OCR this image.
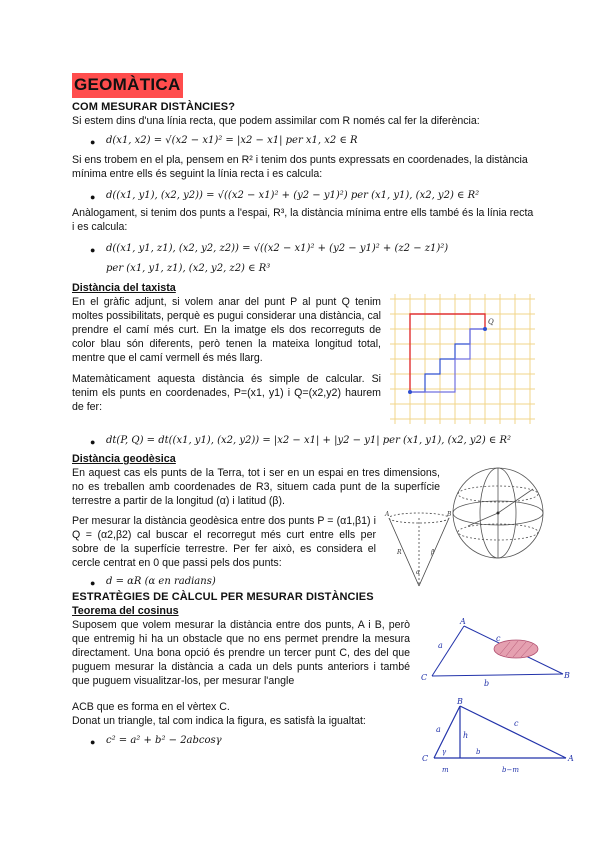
GEOMÀTICA
COM MESURAR DISTÀNCIES?

Si estem dins d'una línia recta, que podem assimilar com R només cal fer la diferència:

● d(x1, x2) = √(x2 − x1)² = |x2 − x1| per x1, x2 ∈ R

Si ens trobem en el pla, pensem en R² i tenim dos punts expressats en coordenades, la distància mínima entre ells és seguint la línia recta i es calcula:

● d((x1, y1), (x2, y2)) = √((x2 − x1)² + (y2 − y1)²) per (x1, y1), (x2, y2) ∈ R²

Anàlogament, si tenim dos punts a l'espai, R³, la distància mínima entre ells també és la línia recta i es calcula:

● d((x1, y1, z1), (x2, y2, z2)) = √((x2 − x1)² + (y2 − y1)² + (z2 − z1)²)
per (x1, y1, z1), (x2, y2, z2) ∈ R³
Distància del taxista

En el gràfic adjunt, si volem anar del punt P al punt Q tenim moltes possibilitats, perquè es pugui considerar una distància, cal prendre el camí més curt. En la imatge els dos recorreguts de color blau són diferents, però tenen la mateixa longitud total, mentre que el camí vermell és més llarg.

Matemàticament aquesta distància és simple de calcular. Si tenim els punts en coordenades, P=(x1, y1) i Q=(x2,y2) haurem de fer:

Q
● dt(P, Q) = dt((x1, y1), (x2, y2)) = |x2 − x1| + |y2 − y1| per (x1, y1), (x2, y2) ∈ R²
Distància geodèsica

En aquest cas els punts de la Terra, tot i ser en un espai en tres dimensions, no es treballen amb coordenades de R3, situem cada punt de la superfície terrestre a partir de la longitud (α) i latitud (β).

Per mesurar la distància geodèsica entre dos punts P = (α1,β1) i Q = (α2,β2) cal buscar el recorregut més curt entre ells per sobre de la superfície terrestre. Per fer això, es considera el cercle centrat en 0 que passi pels dos punts:

● d = αR (α en radians)
A	B
R	β
α
ESTRATÈGIES DE CÀLCUL PER MESURAR DISTÀNCIES
Teorema del cosinus

Suposem que volem mesurar la distància entre dos punts, A i B, però que entremig hi ha un obstacle que no ens permet prendre la mesura directament. Una bona opció és prendre un tercer punt C, des del que puguem mesurar la distància a cada un dels punts anteriors i també que puguem visualitzar-los, per mesurar l'angle

ACB que es forma en el vèrtex C.

Donat un triangle, tal com indica la figura, es satisfà la igualtat:

● c² = a² + b² − 2abcosγ
A
B
C
a
b
c
B
C	A
a
c
h
γ
m	b−m
b
